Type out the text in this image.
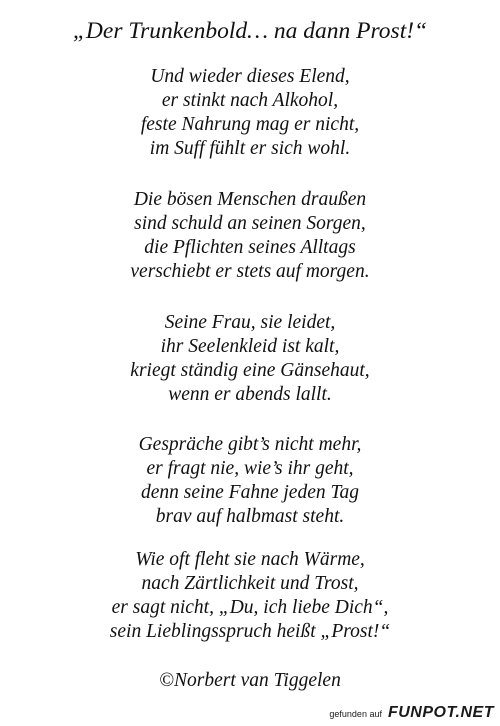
„Der Trunkenbold… na dann Prost!“
Und wieder dieses Elend,
er stinkt nach Alkohol,
feste Nahrung mag er nicht,
im Suff fühlt er sich wohl.
Die bösen Menschen draußen
sind schuld an seinen Sorgen,
die Pflichten seines Alltags
verschiebt er stets auf morgen.
Seine Frau, sie leidet,
ihr Seelenkleid ist kalt,
kriegt ständig eine Gänsehaut,
wenn er abends lallt.
Gespräche gibt’s nicht mehr,
er fragt nie, wie’s ihr geht,
denn seine Fahne jeden Tag
brav auf halbmast steht.
Wie oft fleht sie nach Wärme,
nach Zärtlichkeit und Trost,
er sagt nicht, „Du, ich liebe Dich“,
sein Lieblingsspruch heißt „Prost!“
©Norbert van Tiggelen
gefunden auf FUNPOT.NET
